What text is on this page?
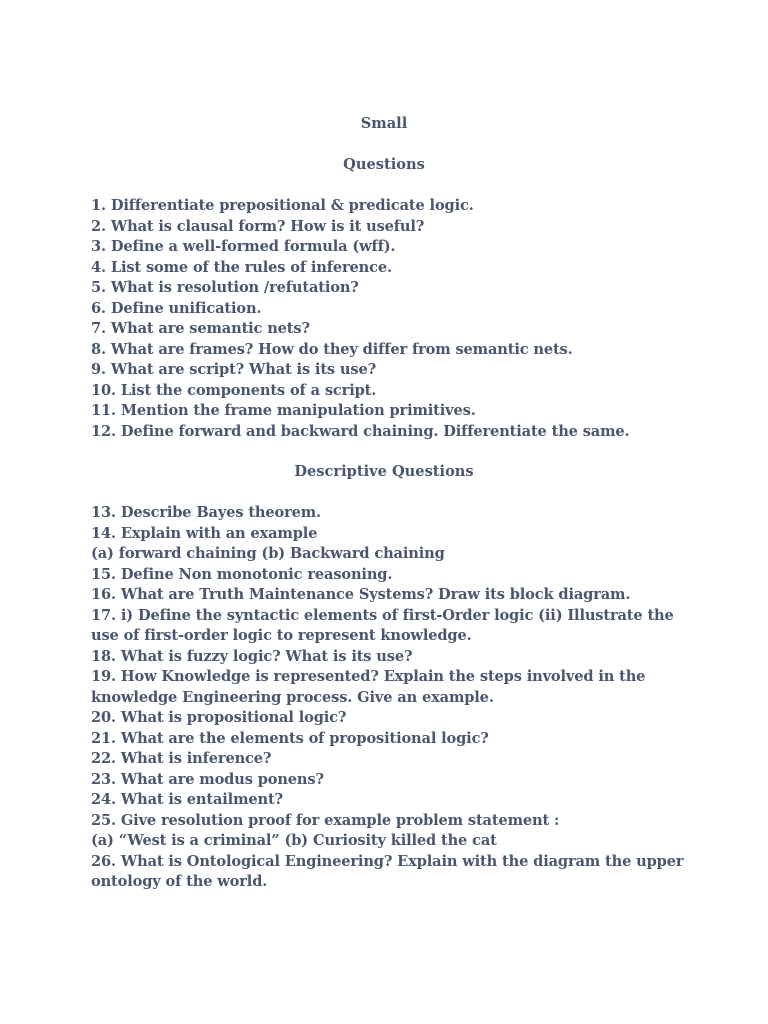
Small

Questions

1. Differentiate prepositional & predicate logic.
2. What is clausal form? How is it useful?
3. Define a well-formed formula (wff).
4. List some of the rules of inference.
5. What is resolution /refutation?
6. Define unification.
7. What are semantic nets?
8. What are frames? How do they differ from semantic nets.
9. What are script? What is its use?
10. List the components of a script.
11. Mention the frame manipulation primitives.
12. Define forward and backward chaining. Differentiate the same.

Descriptive Questions

13. Describe Bayes theorem.
14. Explain with an example
(a) forward chaining (b) Backward chaining
15. Define Non monotonic reasoning.
16. What are Truth Maintenance Systems? Draw its block diagram.
17. i) Define the syntactic elements of first-Order logic (ii) Illustrate the
use of first-order logic to represent knowledge.
18. What is fuzzy logic? What is its use?
19. How Knowledge is represented? Explain the steps involved in the
knowledge Engineering process. Give an example.
20. What is propositional logic?
21. What are the elements of propositional logic?
22. What is inference?
23. What are modus ponens?
24. What is entailment?
25. Give resolution proof for example problem statement :
(a) “West is a criminal” (b) Curiosity killed the cat
26. What is Ontological Engineering? Explain with the diagram the upper
ontology of the world.
